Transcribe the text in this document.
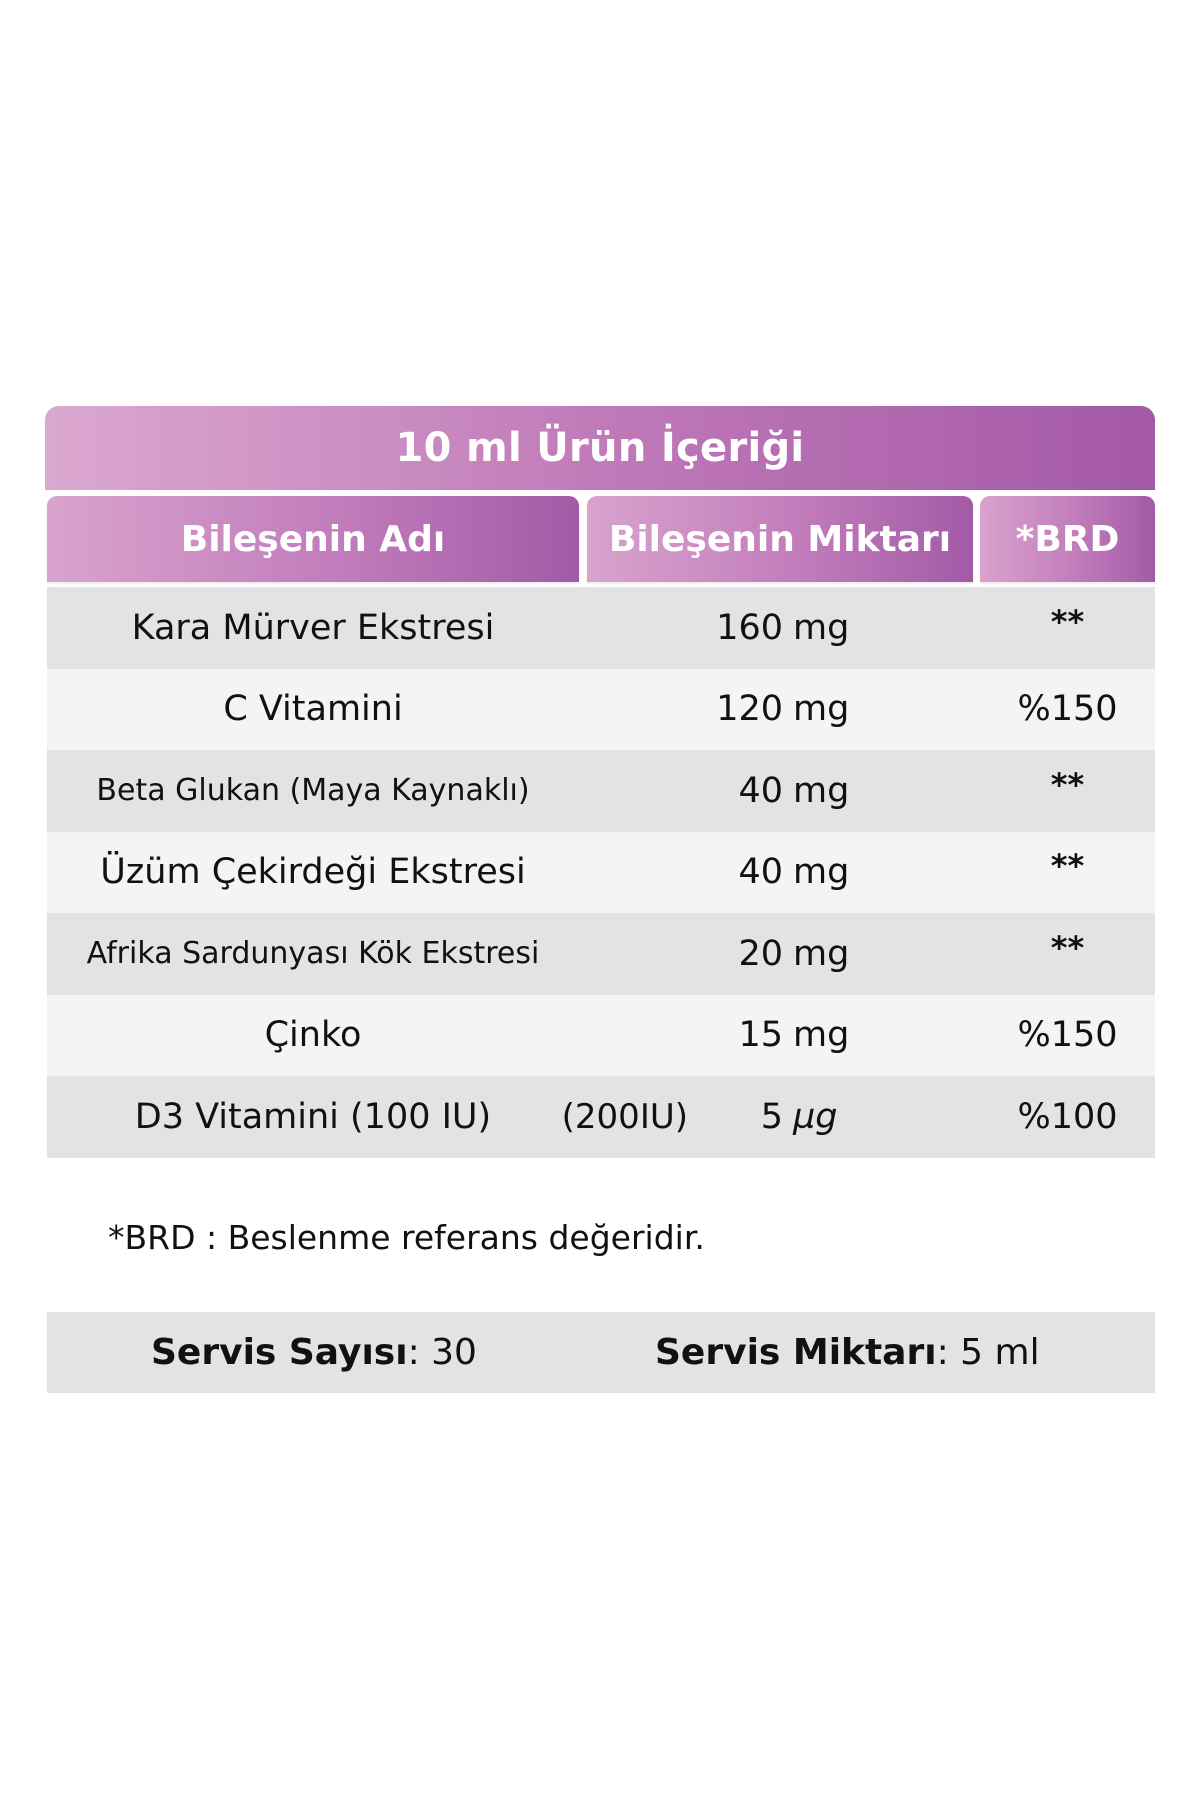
10 ml Ürün İçeriği
Bileşenin Adı	Bileşenin Miktarı	*BRD
Kara Mürver Ekstresi	160 mg	**
C Vitamini	120 mg	%150
Beta Glukan (Maya Kaynaklı)	40 mg	**
Üzüm Çekirdeği Ekstresi	40 mg	**
Afrika Sardunyası Kök Ekstresi	20 mg	**
Çinko	15 mg	%150
D3 Vitamini (100 IU)	(200IU) 5 µg	%100
*BRD : Beslenme referans değeridir.
Servis Sayısı : 30	Servis Miktarı : 5 ml
